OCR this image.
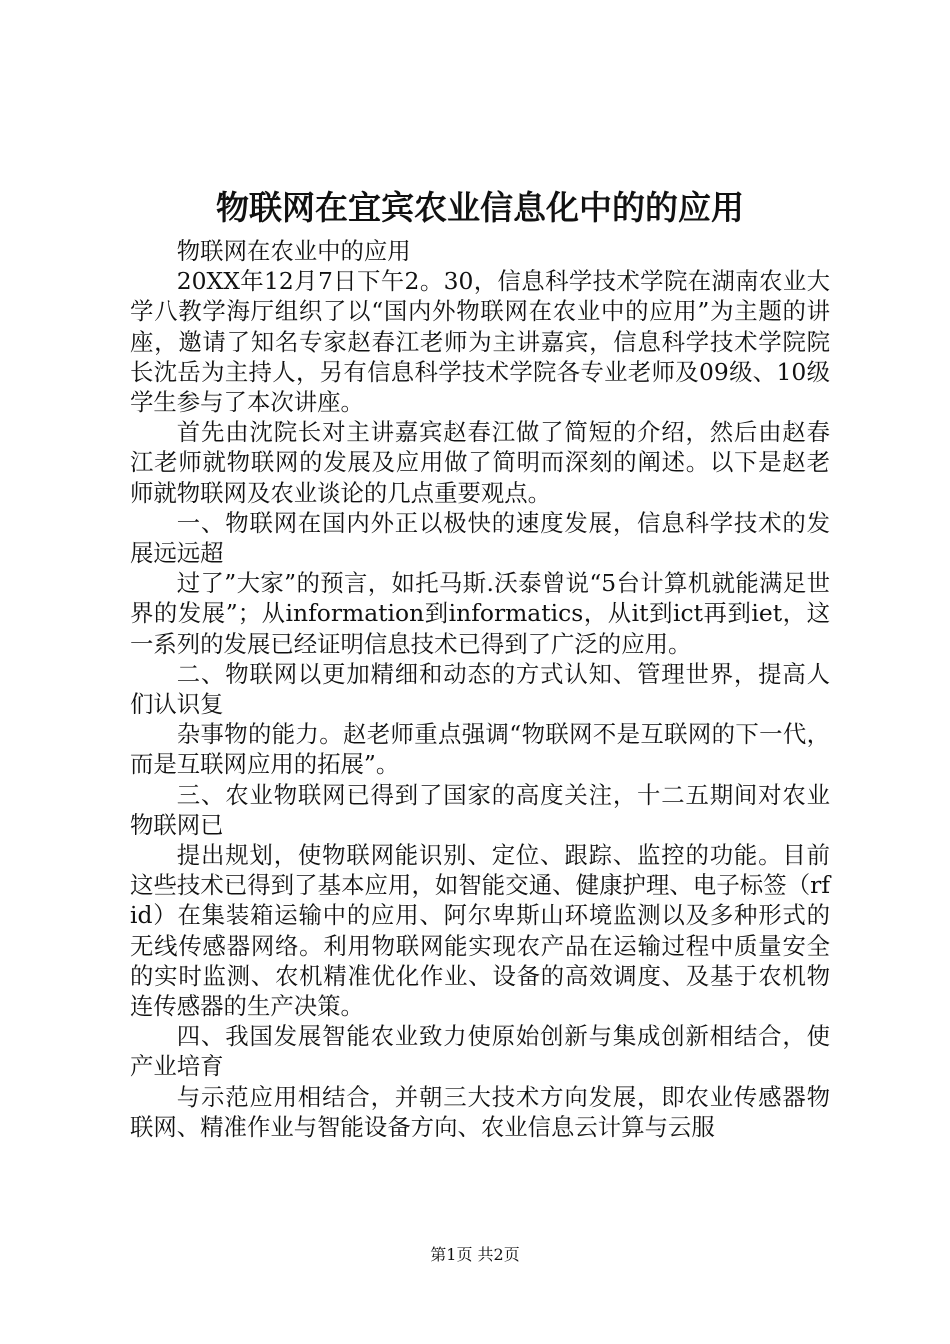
物联网在宜宾农业信息化中的的应用

物联网在农业中的应用

20XX年12月7日下午2。30，信息科学技术学院在湖南农业大学八教学海厅组织了以“国内外物联网在农业中的应用”为主题的讲座，邀请了知名专家赵春江老师为主讲嘉宾，信息科学技术学院院长沈岳为主持人，另有信息科学技术学院各专业老师及09级、10级学生参与了本次讲座。

首先由沈院长对主讲嘉宾赵春江做了简短的介绍，然后由赵春江老师就物联网的发展及应用做了简明而深刻的阐述。以下是赵老师就物联网及农业谈论的几点重要观点。

一、物联网在国内外正以极快的速度发展，信息科学技术的发展远远超

过了”大家”的预言，如托马斯.沃泰曾说“5台计算机就能满足世界的发展”；从information到informatics，从it到ict再到iet，这一系列的发展已经证明信息技术已得到了广泛的应用。

二、物联网以更加精细和动态的方式认知、管理世界，提高人们认识复

杂事物的能力。赵老师重点强调“物联网不是互联网的下一代，而是互联网应用的拓展”。

三、农业物联网已得到了国家的高度关注，十二五期间对农业物联网已

提出规划，使物联网能识别、定位、跟踪、监控的功能。目前这些技术已得到了基本应用，如智能交通、健康护理、电子标签（rfid）在集装箱运输中的应用、阿尔卑斯山环境监测以及多种形式的无线传感器网络。利用物联网能实现农产品在运输过程中质量安全的实时监测、农机精准优化作业、设备的高效调度、及基于农机物连传感器的生产决策。

四、我国发展智能农业致力使原始创新与集成创新相结合，使产业培育

与示范应用相结合，并朝三大技术方向发展，即农业传感器物联网、精准作业与智能设备方向、农业信息云计算与云服

第1页 共2页
